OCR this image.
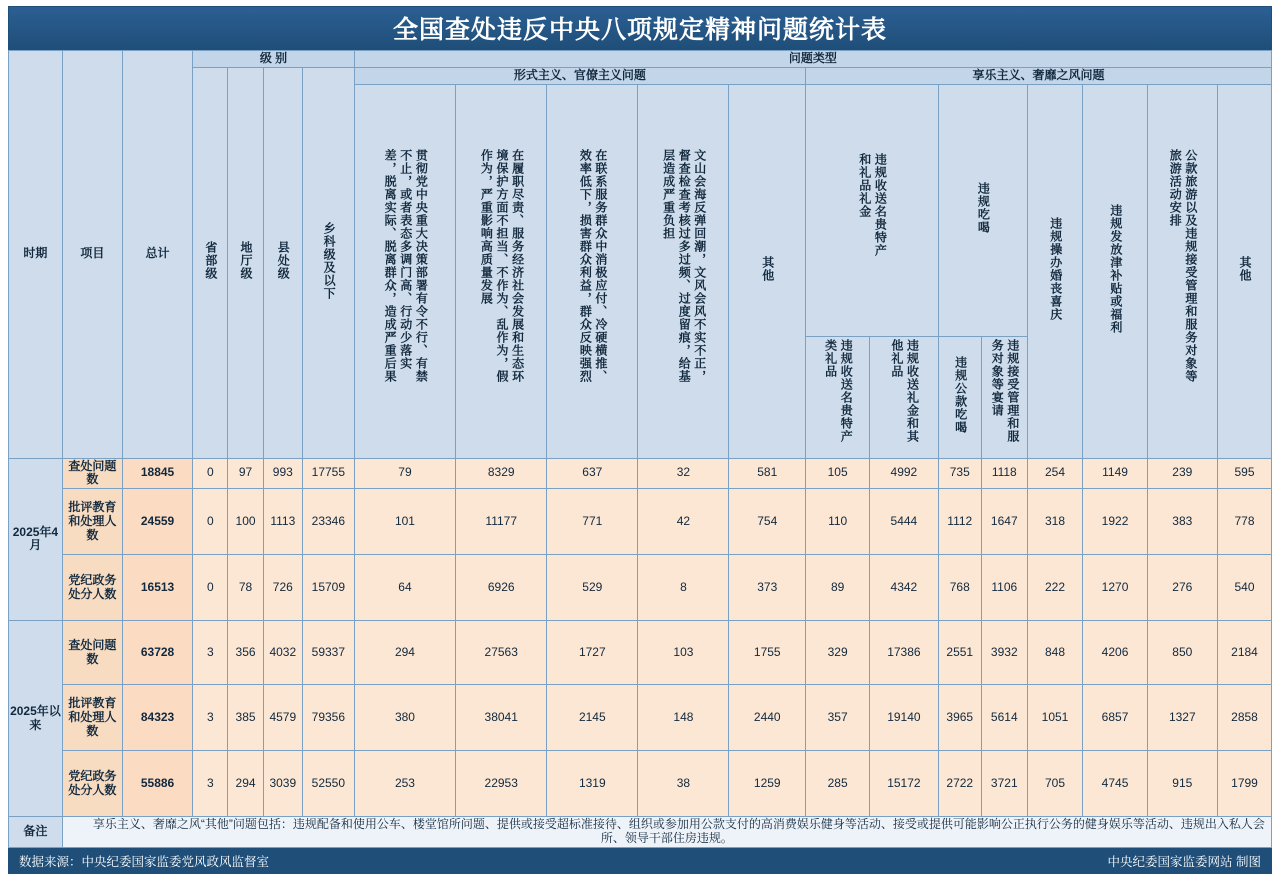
全国查处违反中央八项规定精神问题统计表
时期	项目	总计	级 别				问题类型												
			省部级	地厅级	县处级	乡科级及以下	形式主义、官僚主义问题					享乐主义、奢靡之风问题							
							贯彻党中央重大决策部署有令不行、有禁不止，或者表态多调门高、行动少落实差，脱离实际、脱离群众，造成严重后果	在履职尽责、服务经济社会发展和生态环境保护方面不担当、不作为、乱作为，假作为，严重影响高质量发展	在联系服务群众中消极应付、冷硬横推、效率低下，损害群众利益，群众反映强烈	文山会海反弹回潮，文风会风不实不正，督查检查考核过多过频、过度留痕，给基层造成严重负担	其他	违规收送名贵特产和礼品礼金		违规吃喝		违规操办婚丧喜庆	违规发放津补贴或福利	公款旅游以及违规接受管理和服务对象等旅游活动安排	其他
												违规收送名贵特产类礼品	违规收送礼金和其他礼品	违规公款吃喝	违规接受管理和服务对象等宴请				
2025年4月	查处问题数	18845	0	97	993	17755	79	8329	637	32	581	105	4992	735	1118	254	1149	239	595
	批评教育和处理人数	24559	0	100	1113	23346	101	11177	771	42	754	110	5444	1112	1647	318	1922	383	778
	党纪政务处分人数	16513	0	78	726	15709	64	6926	529	8	373	89	4342	768	1106	222	1270	276	540
2025年以来	查处问题数	63728	3	356	4032	59337	294	27563	1727	103	1755	329	17386	2551	3932	848	4206	850	2184
	批评教育和处理人数	84323	3	385	4579	79356	380	38041	2145	148	2440	357	19140	3965	5614	1051	6857	1327	2858
	党纪政务处分人数	55886	3	294	3039	52550	253	22953	1319	38	1259	285	15172	2722	3721	705	4745	915	1799
备注	享乐主义、奢靡之风“其他”问题包括：违规配备和使用公车、楼堂馆所问题、提供或接受超标准接待、组织或参加用公款支付的高消费娱乐健身等活动、接受或提供可能影响公正执行公务的健身娱乐等活动、违规出入私人会所、领导干部住房违规。																		
数据来源：中央纪委国家监委党风政风监督室	中央纪委国家监委网站 制图
